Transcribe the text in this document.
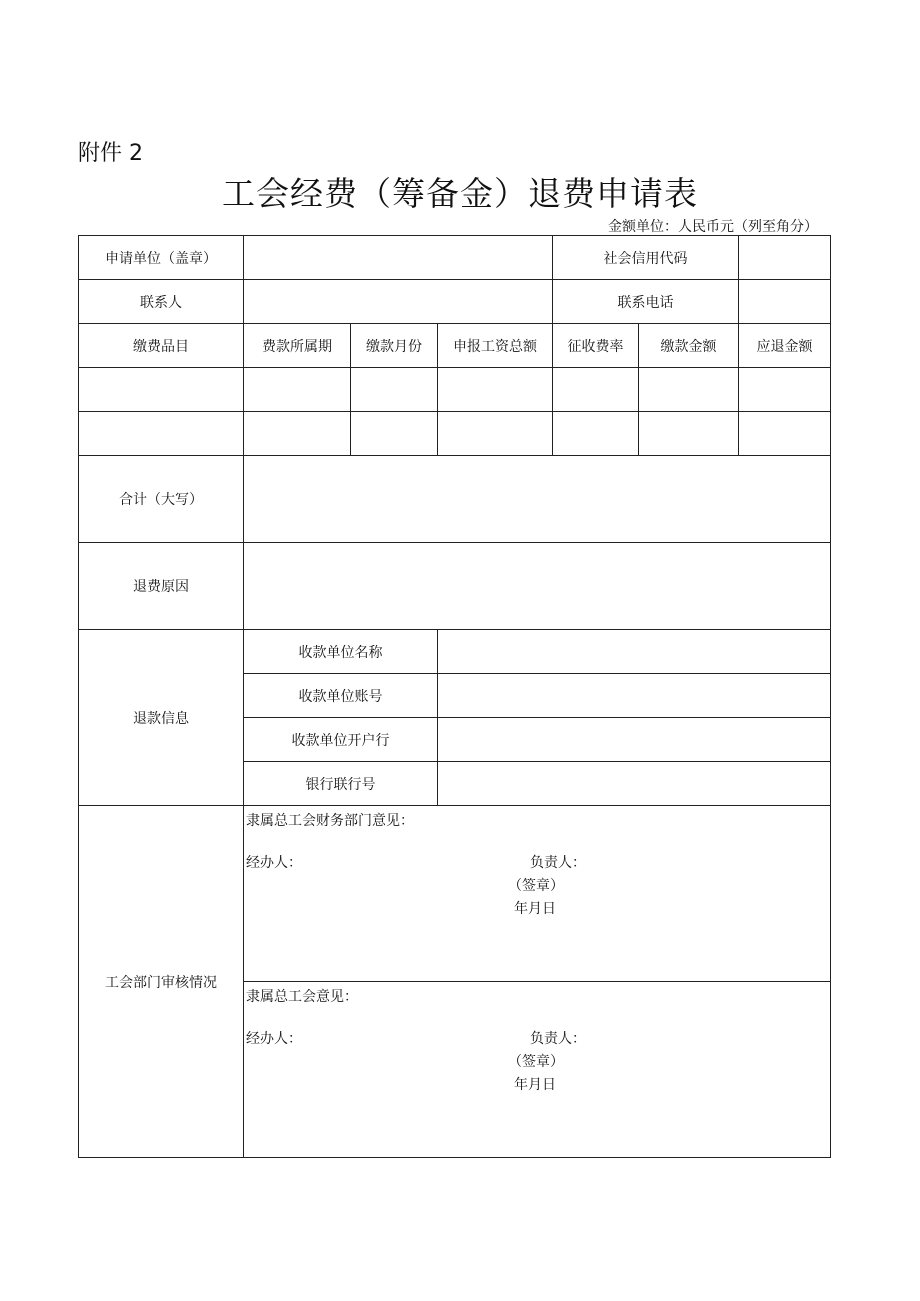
附件 2
工会经费（筹备金）退费申请表
金额单位：人民币元（列至角分）
申请单位（盖章）				社会信用代码		
联系人				联系电话		
缴费品目	费款所属期	缴款月份	申报工资总额	征收费率	缴款金额	应退金额

合计（大写）						
退费原因						
退款信息	收款单位名称					
	收款单位账号					
	收款单位开户行					
	银行联行号					
工会部门审核情况	隶属总工会财务部门意见：
经办人： 负责人：
（签章）
年月日					

	隶属总工会意见：
经办人： 负责人：
（签章）
年月日					
